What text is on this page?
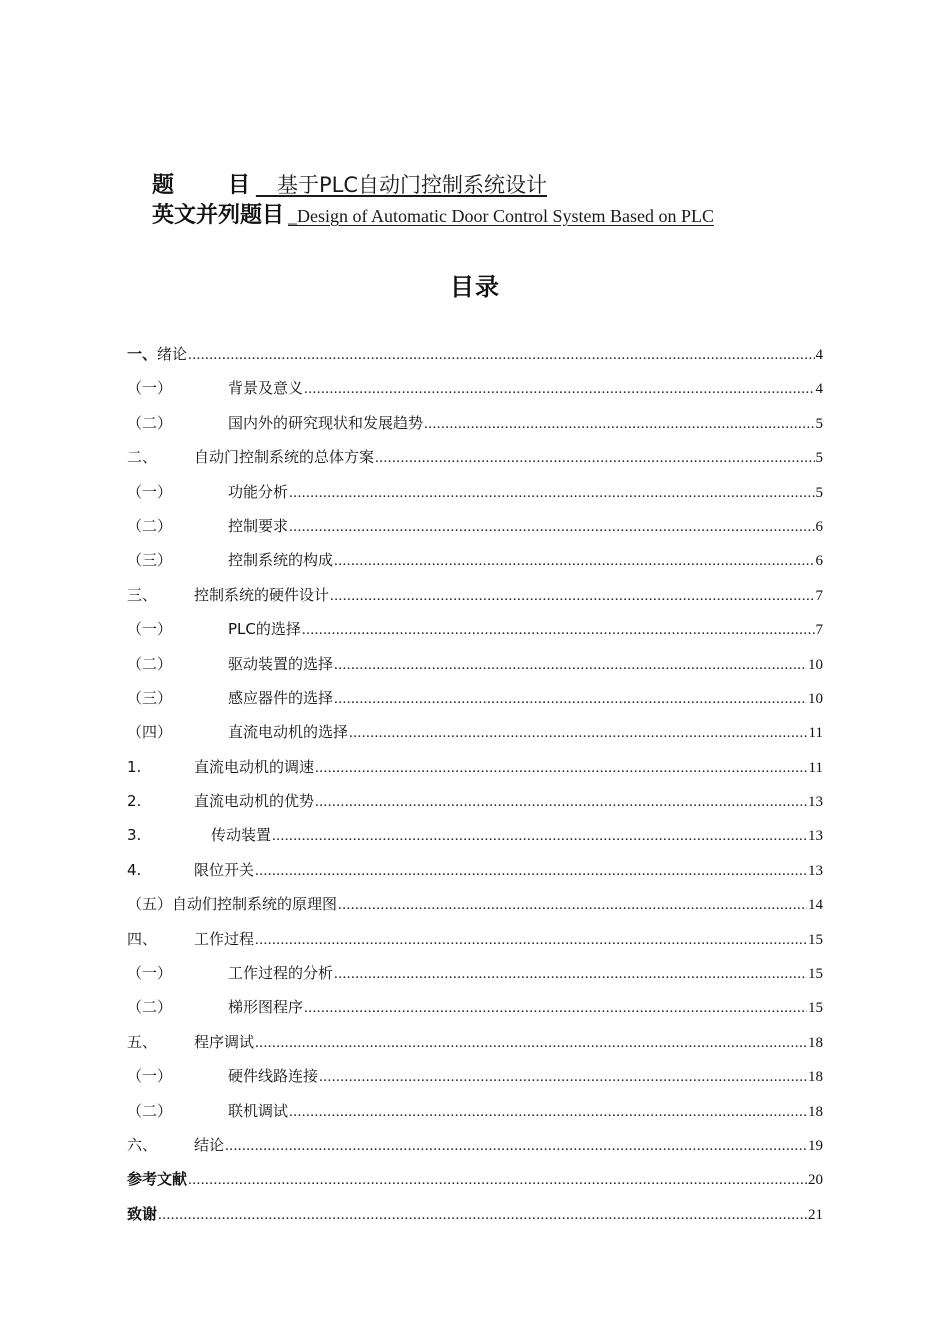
题 目 __基于PLC自动门控制系统设计
英文并列题目 _Design of Automatic Door Control System Based on PLC
目录
一、 绪论 .....	4
（一）	背景及意义 .....	4
（二）	国内外的研究现状和发展趋势 .....	5
二、	自动门控制系统的总体方案 .....	5
（一）	功能分析 .....	5
（二）	控制要求 .....	6
（三）	控制系统的构成 .....	6
三、	控制系统的硬件设计 .....	7
（一）	PLC的选择 .....	7
（二）	驱动装置的选择 .....	10
（三）	感应器件的选择 .....	10
（四）	直流电动机的选择 .....	11
1.	直流电动机的调速 .....	11
2.	直流电动机的优势 .....	13
3.	传动装置 .....	13
4.	限位开关 .....	13
（五） 自动们控制系统的原理图 .....	14
四、	工作过程 .....	15
（一）	工作过程的分析 .....	15
（二）	梯形图程序 .....	15
五、	程序调试 .....	18
（一）	硬件线路连接 .....	18
（二）	联机调试 .....	18
六、	结论 .....	19
参考文献 .....	20
致谢 .....	21
